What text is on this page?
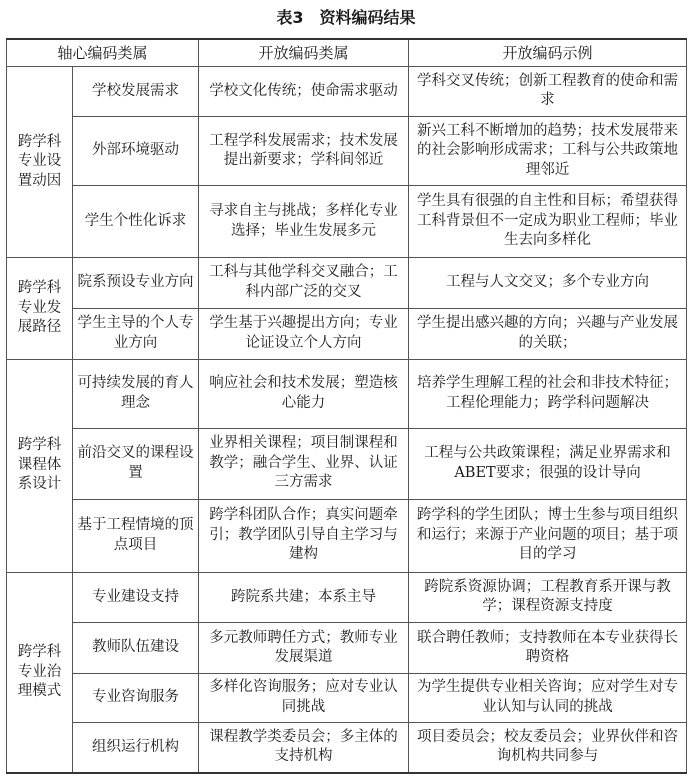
表3　资料编码结果
轴心编码类属		开放编码类属	开放编码示例
跨学科专业设置动因	学校发展需求	学校文化传统；使命需求驱动	学科交叉传统；创新工程教育的使命和需求
	外部环境驱动	工程学科发展需求；技术发展提出新要求；学科间邻近	新兴工科不断增加的趋势；技术发展带来的社会影响形成需求；工科与公共政策地理邻近
	学生个性化诉求	寻求自主与挑战；多样化专业选择；毕业生发展多元	学生具有很强的自主性和目标；希望获得工科背景但不一定成为职业工程师；毕业生去向多样化
跨学科专业发展路径	院系预设专业方向	工科与其他学科交叉融合；工科内部广泛的交叉	工程与人文交叉；多个专业方向
	学生主导的个人专业方向	学生基于兴趣提出方向；专业论证设立个人方向	学生提出感兴趣的方向；兴趣与产业发展的关联；
跨学科课程体系设计	可持续发展的育人理念	响应社会和技术发展；塑造核心能力	培养学生理解工程的社会和非技术特征；工程伦理能力；跨学科问题解决
	前沿交叉的课程设置	业界相关课程；项目制课程和教学；融合学生、业界、认证三方需求	工程与公共政策课程；满足业界需求和ABET要求；很强的设计导向
	基于工程情境的顶点项目	跨学科团队合作；真实问题牵引；教学团队引导自主学习与建构	跨学科的学生团队；博士生参与项目组织和运行；来源于产业问题的项目；基于项目的学习
跨学科专业治理模式	专业建设支持	跨院系共建；本系主导	跨院系资源协调；工程教育系开课与教学；课程资源支持度
	教师队伍建设	多元教师聘任方式；教师专业发展渠道	联合聘任教师；支持教师在本专业获得长聘资格
	专业咨询服务	多样化咨询服务；应对专业认同挑战	为学生提供专业相关咨询；应对学生对专业认知与认同的挑战
	组织运行机构	课程教学类委员会；多主体的支持机构	项目委员会；校友委员会；业界伙伴和咨询机构共同参与
